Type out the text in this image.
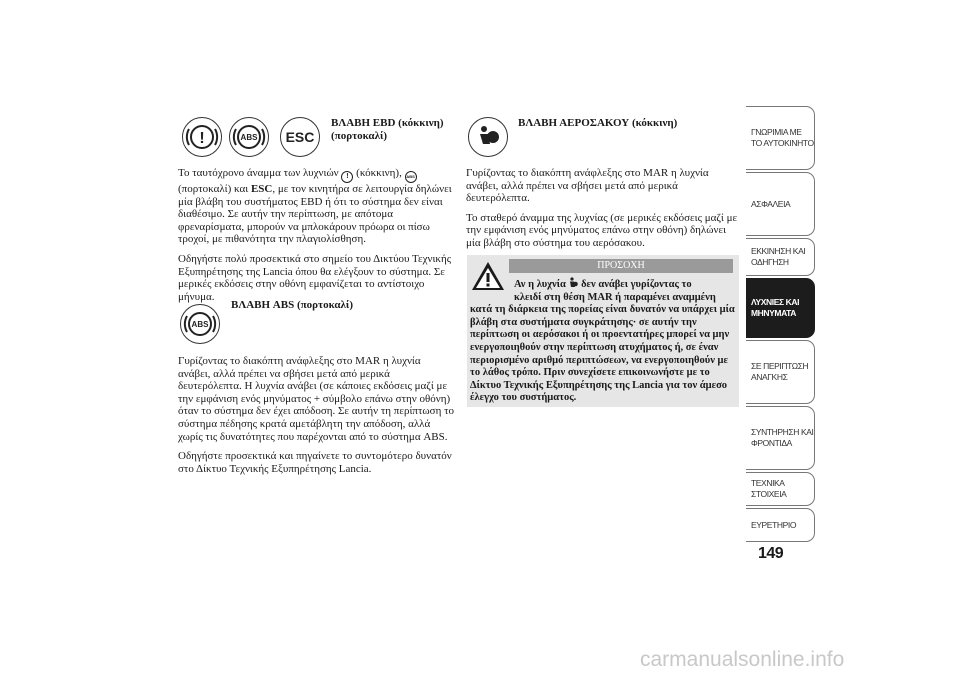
!	ABS ESC
ΒΛΑΒΗ EBD (κόκκινη) (πορτοκαλί)

Το ταυτόχρονο άναμμα των λυχνιών ! (κόκκινη), ABS (πορτοκαλί) και ESC, με τον κινητήρα σε λειτουργία δηλώνει μία βλάβη του συστήματος EBD ή ότι το σύστημα δεν είναι διαθέσιμο. Σε αυτήν την περίπτωση, με απότομα φρεναρίσματα, μπορούν να μπλοκάρουν πρόωρα οι πίσω τροχοί, με πιθανότητα την πλαγιολίσθηση.

Οδηγήστε πολύ προσεκτικά στο σημείο του Δικτύου Τεχνικής Εξυπηρέτησης της Lancia όπου θα ελέγξουν το σύστημα. Σε μερικές εκδόσεις στην οθόνη εμφανίζεται το αντίστοιχο μήνυμα.

ABS
ΒΛΑΒΗ ABS (πορτοκαλί)

Γυρίζοντας το διακόπτη ανάφλεξης στο MAR η λυχνία ανάβει, αλλά πρέπει να σβήσει μετά από μερικά δευτερόλεπτα. Η λυχνία ανάβει (σε κάποιες εκδόσεις μαζί με την εμφάνιση ενός μηνύματος + σύμβολο επάνω στην οθόνη) όταν το σύστημα δεν έχει απόδοση. Σε αυτήν τη περίπτωση το σύστημα πέδησης κρατά αμετάβλητη την απόδοση, αλλά χωρίς τις δυνατότητες που παρέχονται από το σύστημα ABS.

Οδηγήστε προσεκτικά και πηγαίνετε το συντομότερο δυνατόν στο Δίκτυο Τεχνικής Εξυπηρέτησης Lancia.

ΒΛΑΒΗ ΑΕΡΟΣΑΚΟΥ (κόκκινη)

Γυρίζοντας το διακόπτη ανάφλεξης στο MAR η λυχνία ανάβει, αλλά πρέπει να σβήσει μετά από μερικά δευτερόλεπτα.

Το σταθερό άναμμα της λυχνίας (σε μερικές εκδόσεις μαζί με την εμφάνιση ενός μηνύματος επάνω στην οθόνη) δηλώνει μία βλάβη στο σύστημα του αερόσακου.

ΠΡΟΣΟΧΗ
Αν η λυχνία δεν ανάβει γυρίζοντας το
κλειδί στη θέση MAR ή παραμένει αναμμένη
κατά τη διάρκεια της πορείας είναι δυνατόν να υπάρχει μία βλάβη στα συστήματα συγκράτησης· σε αυτήν την περίπτωση οι αερόσακοι ή οι προεντατήρες μπορεί να μην ενεργοποιηθούν στην περίπτωση ατυχήματος ή, σε έναν περιορισμένο αριθμό περιπτώσεων, να ενεργοποιηθούν με το λάθος τρόπο. Πριν συνεχίσετε επικοινωνήστε με το Δίκτυο Τεχνικής Εξυπηρέτησης της Lancia για τον άμεσο έλεγχο του συστήματος.
ΓΝΩΡΙΜΙΑ ΜΕ ΤΟ ΑΥΤΟΚΙΝΗΤΟ
ΑΣΦΑΛΕΙΑ
ΕΚΚΙΝΗΣΗ ΚΑΙ ΟΔΗΓΗΣΗ
ΛΥΧΝΙΕΣ ΚΑΙ ΜΗΝΥΜΑΤΑ
ΣΕ ΠΕΡΙΠΤΩΣΗ ΑΝΑΓΚΗΣ
ΣΥΝΤΗΡΗΣΗ ΚΑΙ ΦΡΟΝΤΙΔΑ
ΤΕΧΝΙΚΑ ΣΤΟΙΧΕΙΑ
ΕΥΡΕΤΗΡΙΟ
149
carmanualsonline.info
